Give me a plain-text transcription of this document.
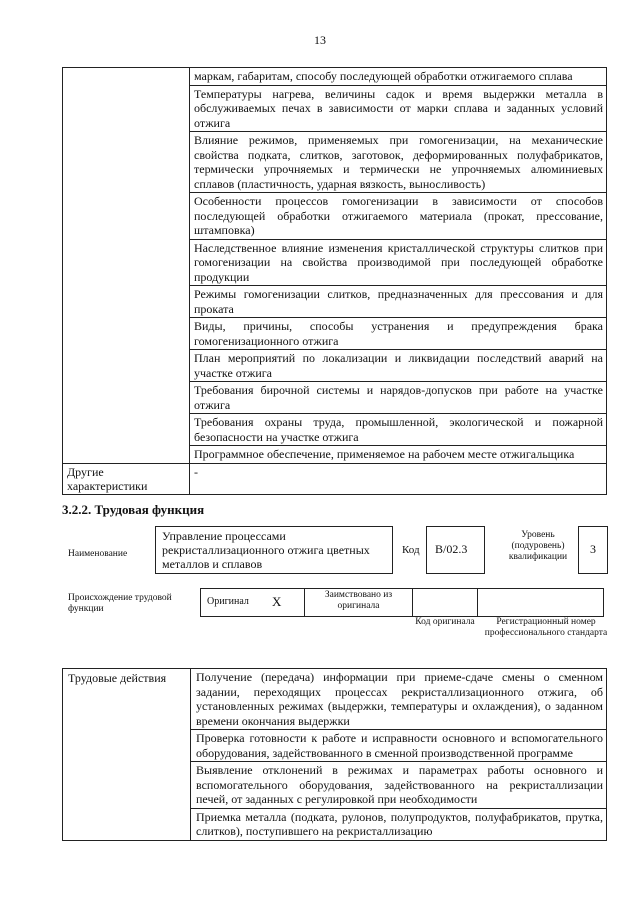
13
	маркам, габаритам, способу последующей обработки отжигаемого сплава
	Температуры нагрева, величины садок и время выдержки металла в обслуживаемых печах в зависимости от марки сплава и заданных условий отжига
	Влияние режимов, применяемых при гомогенизации, на механические свойства подката, слитков, заготовок, деформированных полуфабрикатов, термически упрочняемых и термически не упрочняемых алюминиевых сплавов (пластичность, ударная вязкость, выносливость)
	Особенности процессов гомогенизации в зависимости от способов последующей обработки отжигаемого материала (прокат, прессование, штамповка)
	Наследственное влияние изменения кристаллической структуры слитков при гомогенизации на свойства производимой при последующей обработке продукции
	Режимы гомогенизации слитков, предназначенных для прессования и для проката
	Виды, причины, способы устранения и предупреждения брака гомогенизационного отжига
	План мероприятий по локализации и ликвидации последствий аварий на участке отжига
	Требования бирочной системы и нарядов-допусков при работе на участке отжига
	Требования охраны труда, промышленной, экологической и пожарной безопасности на участке отжига
	Программное обеспечение, применяемое на рабочем месте отжигальщика
Другие характеристики	-
3.2.2. Трудовая функция
Наименование
Управление процессами рекристаллизационного отжига цветных металлов и сплавов
Код B/02.3
Уровень (подуровень) квалификации
3
Происхождение трудовой функции
Оригинал	X	Заимствовано из оригинала		
Код оригинала	Регистрационный номер профессионального стандарта
Трудовые действия	Получение (передача) информации при приеме-сдаче смены о сменном задании, переходящих процессах рекристаллизационного отжига, об установленных режимах (выдержки, температуры и охлаждения), о заданном времени окончания выдержки
Проверка готовности к работе и исправности основного и вспомогательного оборудования, задействованного в сменной производственной программе
Выявление отклонений в режимах и параметрах работы основного и вспомогательного оборудования, задействованного на рекристаллизации печей, от заданных с регулировкой при необходимости
Приемка металла (подката, рулонов, полупродуктов, полуфабрикатов, прутка, слитков), поступившего на рекристаллизацию
